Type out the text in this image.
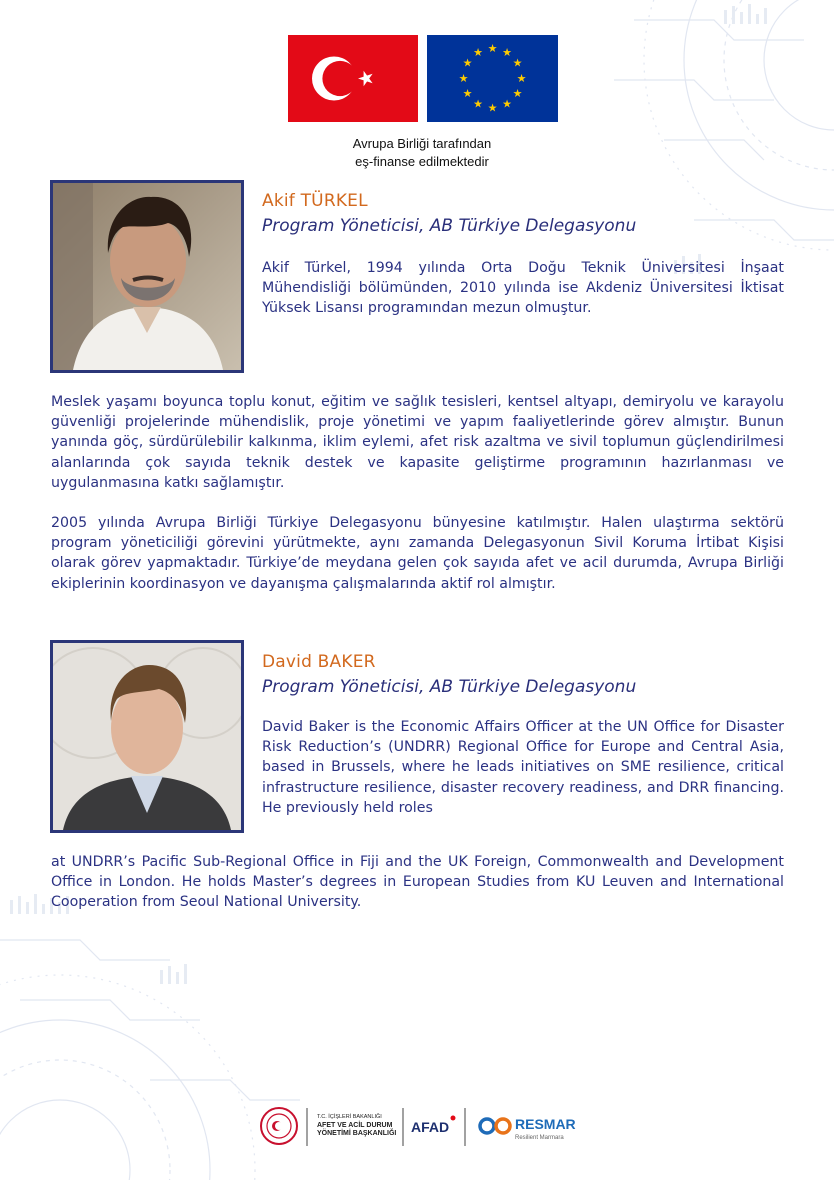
★ ★
★
★
★
★
★
★
★
★
★
★
Avrupa Birliği tarafından
eş-finanse edilmektedir
Akif TÜRKEL
Program Yöneticisi, AB Türkiye Delegasyonu
Akif Türkel, 1994 yılında Orta Doğu Teknik Üniversitesi İnşaat Mühendisliği bölümünden, 2010 yılında ise Akdeniz Üniversitesi İktisat Yüksek Lisansı programından mezun olmuştur.
Meslek yaşamı boyunca toplu konut, eğitim ve sağlık tesisleri, kentsel altyapı, demiryolu ve karayolu güvenliği projelerinde mühendislik, proje yönetimi ve yapım faaliyetlerinde görev almıştır. Bunun yanında göç, sürdürülebilir kalkınma, iklim eylemi, afet risk azaltma ve sivil toplumun güçlendirilmesi alanlarında çok sayıda teknik destek ve kapasite geliştirme programının hazırlanması ve uygulanmasına katkı sağlamıştır.
2005 yılında Avrupa Birliği Türkiye Delegasyonu bünyesine katılmıştır. Halen ulaştırma sektörü program yöneticiliği görevini yürütmekte, aynı zamanda Delegasyonun Sivil Koruma İrtibat Kişisi olarak görev yapmaktadır. Türkiye’de meydana gelen çok sayıda afet ve acil durumda, Avrupa Birliği ekiplerinin koordinasyon ve dayanışma çalışmalarında aktif rol almıştır.
David BAKER
Program Yöneticisi, AB Türkiye Delegasyonu
David Baker is the Economic Affairs Officer at the UN Office for Disaster Risk Reduction’s (UNDRR) Regional Office for Europe and Central Asia, based in Brussels, where he leads initiatives on SME resilience, critical infrastructure resilience, disaster recovery readiness, and DRR financing. He previously held roles
at UNDRR’s Pacific Sub-Regional Office in Fiji and the UK Foreign, Commonwealth and Development Office in London. He holds Master’s degrees in European Studies from KU Leuven and International Cooperation from Seoul National University.
T.C. İÇİŞLERİ BAKANLIĞI
AFET VE ACİL DURUM
YÖNETİMİ BAŞKANLIĞI AFAD	RESMAR
Resilient Marmara
